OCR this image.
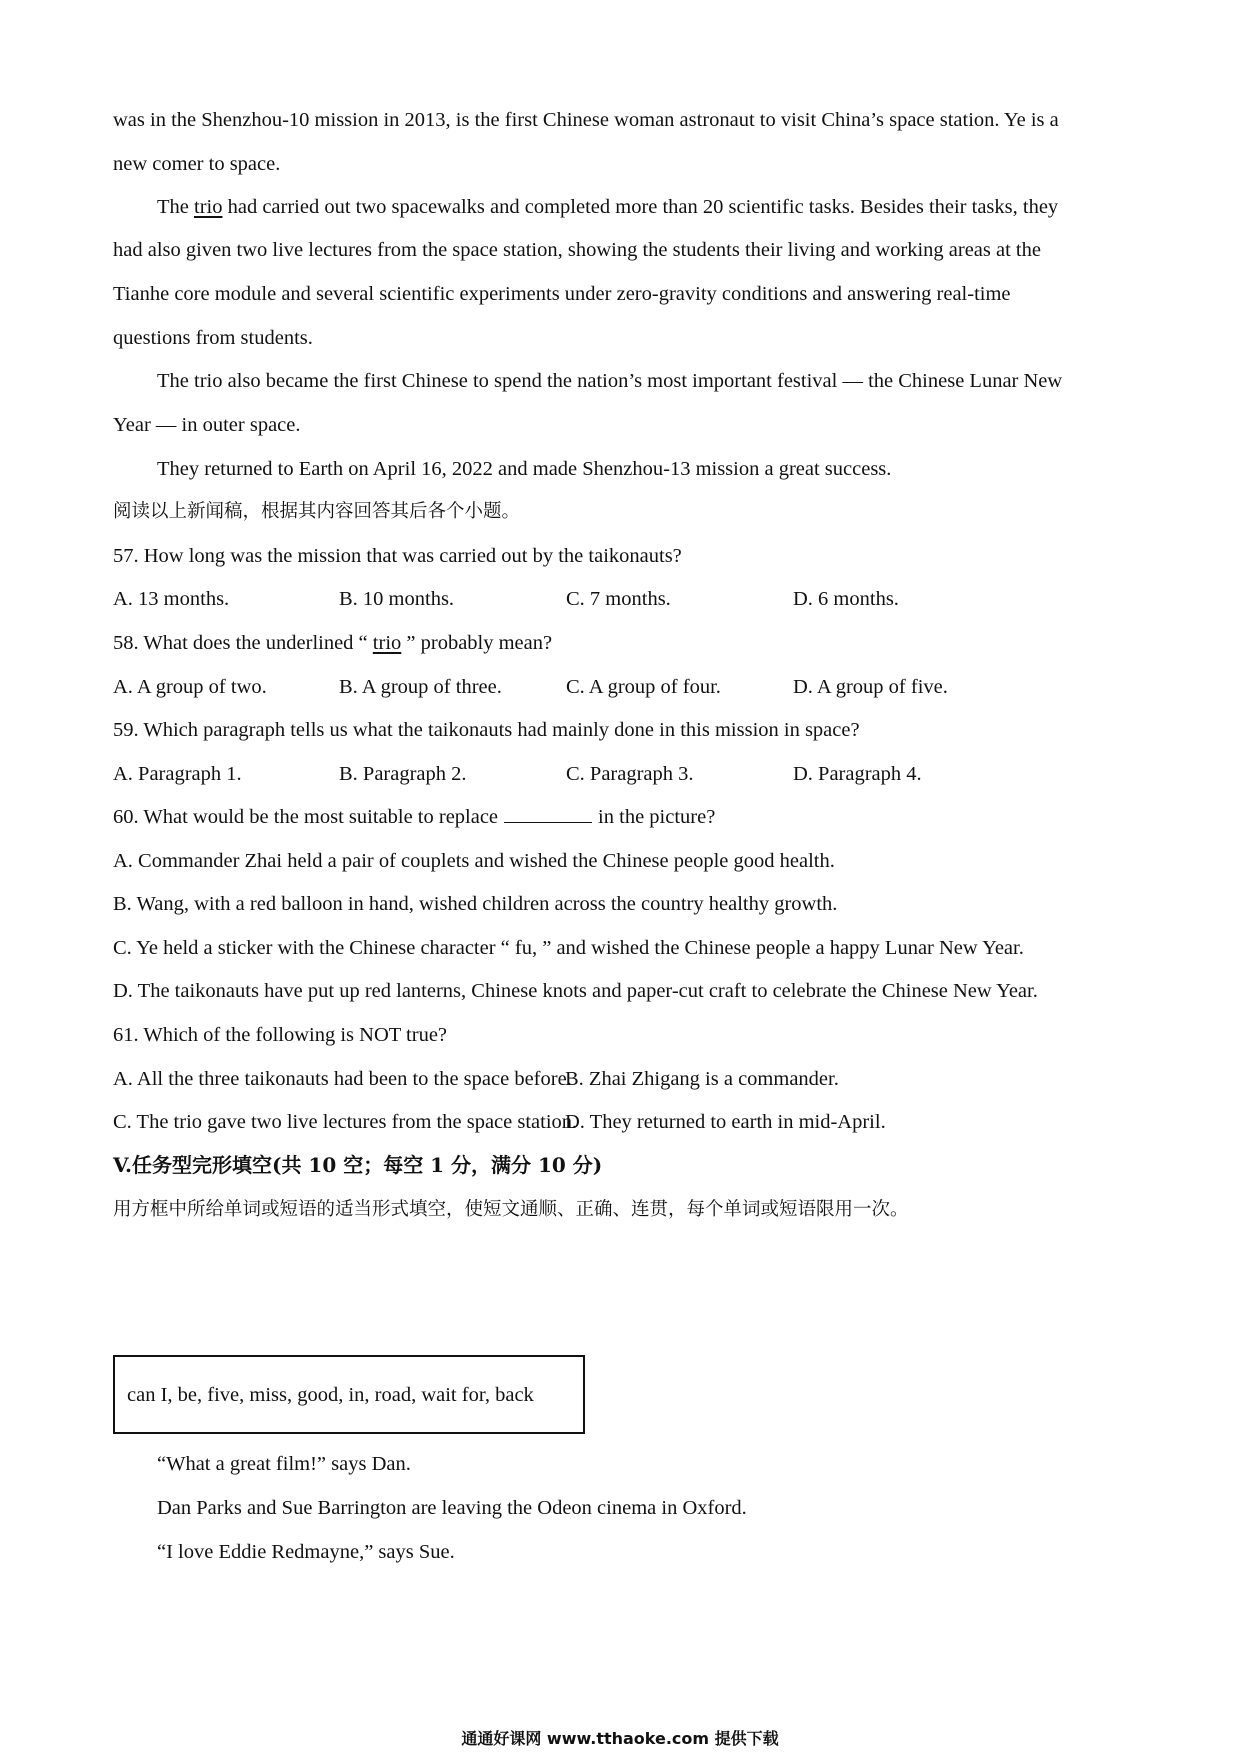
was in the Shenzhou-10 mission in 2013, is the first Chinese woman astronaut to visit China’s space station. Ye is a
new comer to space.
The trio had carried out two spacewalks and completed more than 20 scientific tasks. Besides their tasks, they
had also given two live lectures from the space station, showing the students their living and working areas at the
Tianhe core module and several scientific experiments under zero-gravity conditions and answering real-time
questions from students.
The trio also became the first Chinese to spend the nation’s most important festival — the Chinese Lunar New
Year — in outer space.
They returned to Earth on April 16, 2022 and made Shenzhou-13 mission a great success.
阅读以上新闻稿，根据其内容回答其后各个小题。
57. How long was the mission that was carried out by the taikonauts?
A. 13 months.	B. 10 months.	C. 7 months.	D. 6 months.
58. What does the underlined “ trio ” probably mean?
A. A group of two.	B. A group of three.	C. A group of four.	D. A group of five.
59. Which paragraph tells us what the taikonauts had mainly done in this mission in space?
A. Paragraph 1.	B. Paragraph 2.	C. Paragraph 3.	D. Paragraph 4.
60. What would be the most suitable to replace	in the picture?
A. Commander Zhai held a pair of couplets and wished the Chinese people good health.
B. Wang, with a red balloon in hand, wished children across the country healthy growth.
C. Ye held a sticker with the Chinese character “ fu, ” and wished the Chinese people a happy Lunar New Year.
D. The taikonauts have put up red lanterns, Chinese knots and paper-cut craft to celebrate the Chinese New Year.
61. Which of the following is NOT true?
A. All the three taikonauts had been to the space before.
B. Zhai Zhigang is a commander.
C. The trio gave two live lectures from the space station.
D. They returned to earth in mid-April.
V.任务型完形填空(共 10 空；每空 1 分，满分 10 分)
用方框中所给单词或短语的适当形式填空，使短文通顺、正确、连贯，每个单词或短语限用一次。
can I, be, five, miss, good, in, road, wait for, back
“What a great film!” says Dan.
Dan Parks and Sue Barrington are leaving the Odeon cinema in Oxford.
“I love Eddie Redmayne,” says Sue.
通通好课网 www.tthaoke.com 提供下载
